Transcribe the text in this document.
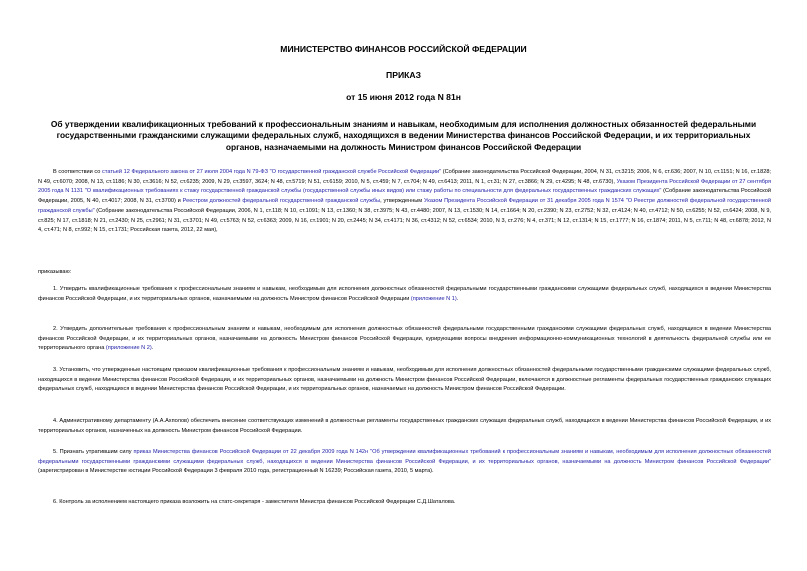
МИНИСТЕРСТВО ФИНАНСОВ РОССИЙСКОЙ ФЕДЕРАЦИИ
ПРИКАЗ
от 15 июня 2012 года N 81н
Об утверждении квалификационных требований к профессиональным знаниям и навыкам, необходимым для исполнения должностных обязанностей федеральными государственными гражданскими служащими федеральных служб, находящихся в ведении Министерства финансов Российской Федерации, и их территориальных органов, назначаемыми на должность Министром финансов Российской Федерации

В соответствии со статьей 12 Федерального закона от 27 июля 2004 года N 79-ФЗ "О государственной гражданской службе Российской Федерации" (Собрание законодательства Российской Федерации, 2004, N 31, ст.3215; 2006, N 6, ст.636; 2007, N 10, ст.1151; N 16, ст.1828; N 49, ст.6070; 2008, N 13, ст.1186; N 30, ст.3616; N 52, ст.6235; 2009, N 29, ст.3597, 3624; N 48, ст.5719; N 51, ст.6159; 2010, N 5, ст.459; N 7, ст.704; N 49, ст.6413; 2011, N 1, ст.31; N 27, ст.3866; N 29, ст.4295; N 48, ст.6730), Указом Президента Российской Федерации от 27 сентября 2005 года N 1131 "О квалификационных требованиях к стажу государственной гражданской службы (государственной службы иных видов) или стажу работы по специальности для федеральных государственных гражданских служащих" (Собрание законодательства Российской Федерации, 2005, N 40, ст.4017; 2008, N 31, ст.3700) и Реестром должностей федеральной государственной гражданской службы, утвержденным Указом Президента Российской Федерации от 31 декабря 2005 года N 1574 "О Реестре должностей федеральной государственной гражданской службы" (Собрание законодательства Российской Федерации, 2006, N 1, ст.118; N 10, ст.1091; N 13, ст.1360; N 38, ст.3975; N 43, ст.4480; 2007, N 13, ст.1530; N 14, ст.1664; N 20, ст.2390; N 23, ст.2752; N 32, ст.4124; N 40, ст.4712; N 50, ст.6255; N 52, ст.6424; 2008, N 9, ст.825; N 17, ст.1818; N 21, ст.2430; N 25, ст.2961; N 31, ст.3701; N 49, ст.5763; N 52, ст.6363; 2009, N 16, ст.1901; N 20, ст.2445; N 34, ст.4171; N 36, ст.4312; N 52, ст.6534; 2010, N 3, ст.276; N 4, ст.371; N 12, ст.1314; N 15, ст.1777; N 16, ст.1874; 2011, N 5, ст.711; N 48, ст.6878; 2012, N 4, ст.471; N 8, ст.992; N 15, ст.1731; Российская газета, 2012, 22 мая),

приказываю:

1. Утвердить квалификационные требования к профессиональным знаниям и навыкам, необходимым для исполнения должностных обязанностей федеральными государственными гражданскими служащими федеральных служб, находящихся в ведении Министерства финансов Российской Федерации, и их территориальных органов, назначаемыми на должность Министром финансов Российской Федерации (приложение N 1).

2. Утвердить дополнительные требования к профессиональным знаниям и навыкам, необходимым для исполнения должностных обязанностей федеральными государственными гражданскими служащими федеральных служб, находящихся в ведении Министерства финансов Российской Федерации, и их территориальных органов, назначаемыми на должность Министром финансов Российской Федерации, курирующими вопросы внедрения информационно-коммуникационных технологий в деятельность федеральной службы или ее территориального органа (приложение N 2).

3. Установить, что утвержденные настоящим приказом квалификационные требования к профессиональным знаниям и навыкам, необходимым для исполнения должностных обязанностей федеральными государственными гражданскими служащими федеральных служб, находящихся в ведении Министерства финансов Российской Федерации, и их территориальных органов, назначаемыми на должность Министром финансов Российской Федерации, включаются в должностные регламенты федеральных государственных гражданских служащих федеральных служб, находящихся в ведении Министерства финансов Российской Федерации, и их территориальных органов, назначаемых на должность Министром финансов Российской Федерации.

4. Административному департаменту (А.А.Ахполов) обеспечить внесение соответствующих изменений в должностные регламенты государственных гражданских служащих федеральных служб, находящихся в ведении Министерства финансов Российской Федерации, и их территориальных органов, назначенных на должность Министром финансов Российской Федерации.

5. Признать утратившим силу приказ Министерства финансов Российской Федерации от 22 декабря 2009 года N 142н "Об утверждении квалификационных требований к профессиональным знаниям и навыкам, необходимым для исполнения должностных обязанностей федеральными государственными гражданскими служащими федеральных служб, находящихся в ведении Министерства финансов Российской Федерации, и их территориальных органов, назначаемыми на должность Министром финансов Российской Федерации" (зарегистрирован в Министерстве юстиции Российской Федерации 3 февраля 2010 года, регистрационный N 16239; Российская газета, 2010, 5 марта).

6. Контроль за исполнением настоящего приказа возложить на статс-секретаря - заместителя Министра финансов Российской Федерации С.Д.Шаталова.
